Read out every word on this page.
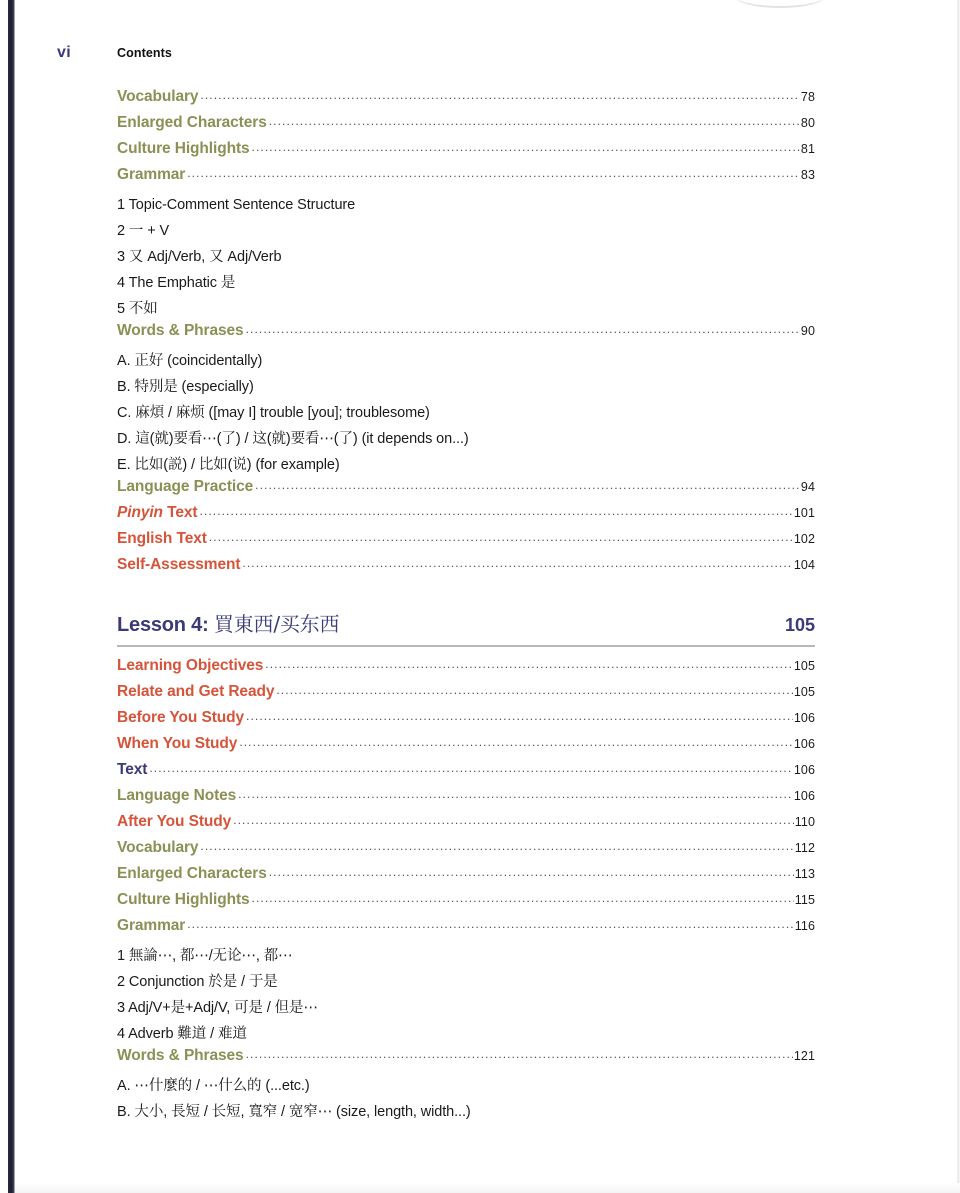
vi	Contents
Vocabulary .....	78
Enlarged Characters .....	80
Culture Highlights .....	81
Grammar .....	83
1 Topic-Comment Sentence Structure
2 一 + V
3 又 Adj/Verb, 又 Adj/Verb
4 The Emphatic 是
5 不如
Words & Phrases .....	90
A. 正好 (coincidentally)
B. 特別是 (especially)
C. 麻煩 / 麻烦 ([may I] trouble [you]; troublesome)
D. 這(就)要看⋯(了) / 这(就)要看⋯(了) (it depends on...)
E. 比如(説) / 比如(说) (for example)
Language Practice .....	94
Pinyin Text .....	101
English Text .....	102
Self-Assessment .....	104
Lesson 4: 買東西/买东西	105
Learning Objectives .....	105
Relate and Get Ready .....	105
Before You Study .....	106
When You Study .....	106
Text .....	106
Language Notes .....	106
After You Study .....	110
Vocabulary .....	112
Enlarged Characters .....	113
Culture Highlights .....	115
Grammar .....	116
1 無論⋯, 都⋯/无论⋯, 都⋯
2 Conjunction 於是 / 于是
3 Adj/V+是+Adj/V, 可是 / 但是⋯
4 Adverb 難道 / 难道
Words & Phrases .....	121
A. ⋯什麼的 / ⋯什么的 (...etc.)
B. 大小, 長短 / 长短, 寬窄 / 宽窄⋯ (size, length, width...)
